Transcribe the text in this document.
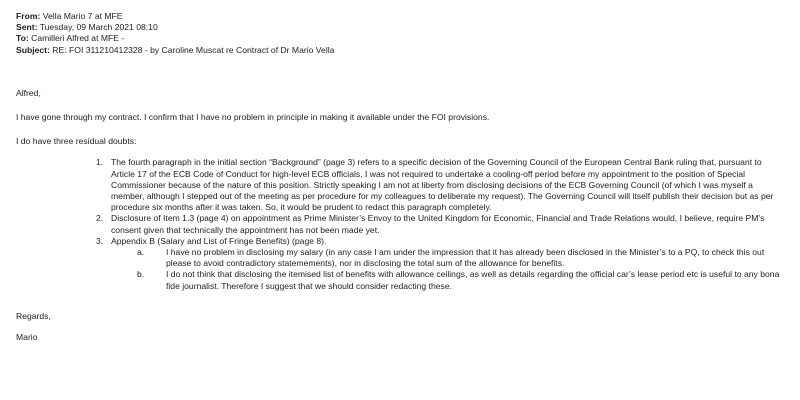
From: Vella Mario 7 at MFE
Sent: Tuesday, 09 March 2021 08:10
To: Camilleri Alfred at MFE -
Subject: RE: FOI 311210412328 - by Caroline Muscat re Contract of Dr Mario Vella
Alfred,
I have gone through my contract. I confirm that I have no problem in principle in making it available under the FOI provisions.
I do have three residual doubts:
1. The fourth paragraph in the initial section “Background” (page 3) refers to a specific decision of the Governing Council of the European Central Bank ruling that, pursuant to Article 17 of the ECB Code of Conduct for high-level ECB officials, I was not required to undertake a cooling-off period before my appointment to the position of Special Commissioner because of the nature of this position. Strictly speaking I am not at liberty from disclosing decisions of the ECB Governing Council (of which I was myself a member, although I stepped out of the meeting as per procedure for my colleagues to deliberate my request). The Governing Council will itself publish their decision but as per procedure six months after it was taken. So, it would be prudent to redact this paragraph completely.
2. Disclosure of Item 1.3 (page 4) on appointment as Prime Minister’s Envoy to the United Kingdom for Economic, Financial and Trade Relations would, I believe, require PM’s consent given that technically the appointment has not been made yet.
3. Appendix B (Salary and List of Fringe Benefits) (page 8).
a.	I have no problem in disclosing my salary (in any case I am under the impression that it has already been disclosed in the Minister’s to a PQ, to check this out please to avoid contradictory statemements), nor in disclosing the total sum of the allowance for benefits.
b.	I do not think that disclosing the itemised list of benefits with allowance ceilings, as well as details regarding the official car’s lease period etc is useful to any bona fide journalist. Therefore I suggest that we should consider redacting these.
Regards,
Mario
